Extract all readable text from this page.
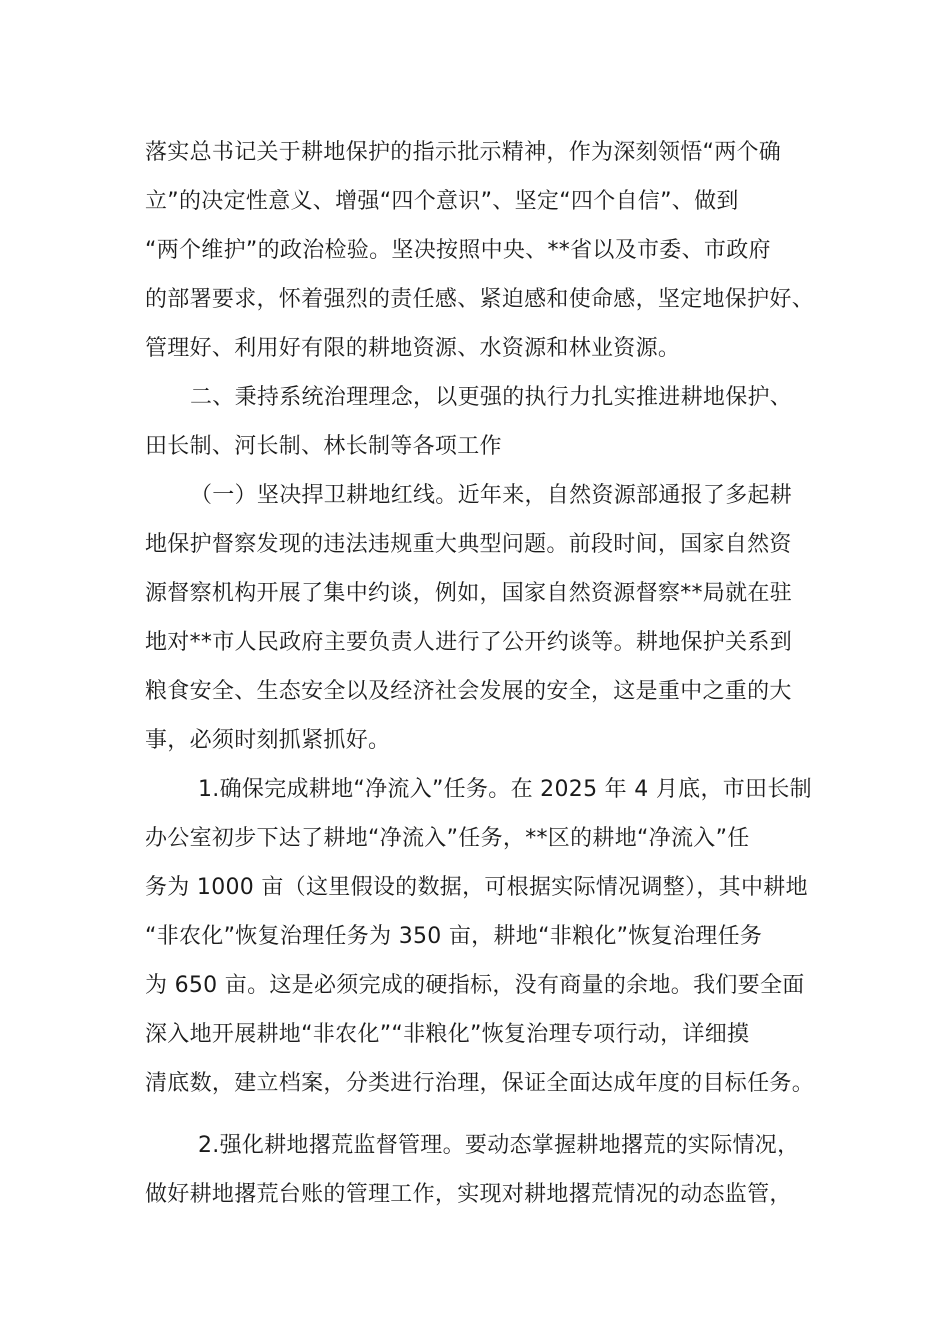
落实总书记关于耕地保护的指示批示精神，作为深刻领悟“两个确
立”的决定性意义、增强“四个意识”、坚定“四个自信”、做到
“两个维护”的政治检验。坚决按照中央、**省以及市委、市政府
的部署要求，怀着强烈的责任感、紧迫感和使命感，坚定地保护好、
管理好、利用好有限的耕地资源、水资源和林业资源。
二、秉持系统治理理念，以更强的执行力扎实推进耕地保护、
田长制、河长制、林长制等各项工作
（一）坚决捍卫耕地红线。近年来，自然资源部通报了多起耕
地保护督察发现的违法违规重大典型问题。前段时间，国家自然资
源督察机构开展了集中约谈，例如，国家自然资源督察**局就在驻
地对**市人民政府主要负责人进行了公开约谈等。耕地保护关系到
粮食安全、生态安全以及经济社会发展的安全，这是重中之重的大
事，必须时刻抓紧抓好。
1.确保完成耕地“净流入”任务。在 2025 年 4 月底，市田长制
办公室初步下达了耕地“净流入”任务，**区的耕地“净流入”任
务为 1000 亩（这里假设的数据，可根据实际情况调整），其中耕地
“非农化”恢复治理任务为 350 亩，耕地“非粮化”恢复治理任务
为 650 亩。这是必须完成的硬指标，没有商量的余地。我们要全面
深入地开展耕地“非农化”“非粮化”恢复治理专项行动，详细摸
清底数，建立档案，分类进行治理，保证全面达成年度的目标任务。
2.强化耕地撂荒监督管理。要动态掌握耕地撂荒的实际情况，
做好耕地撂荒台账的管理工作，实现对耕地撂荒情况的动态监管，
